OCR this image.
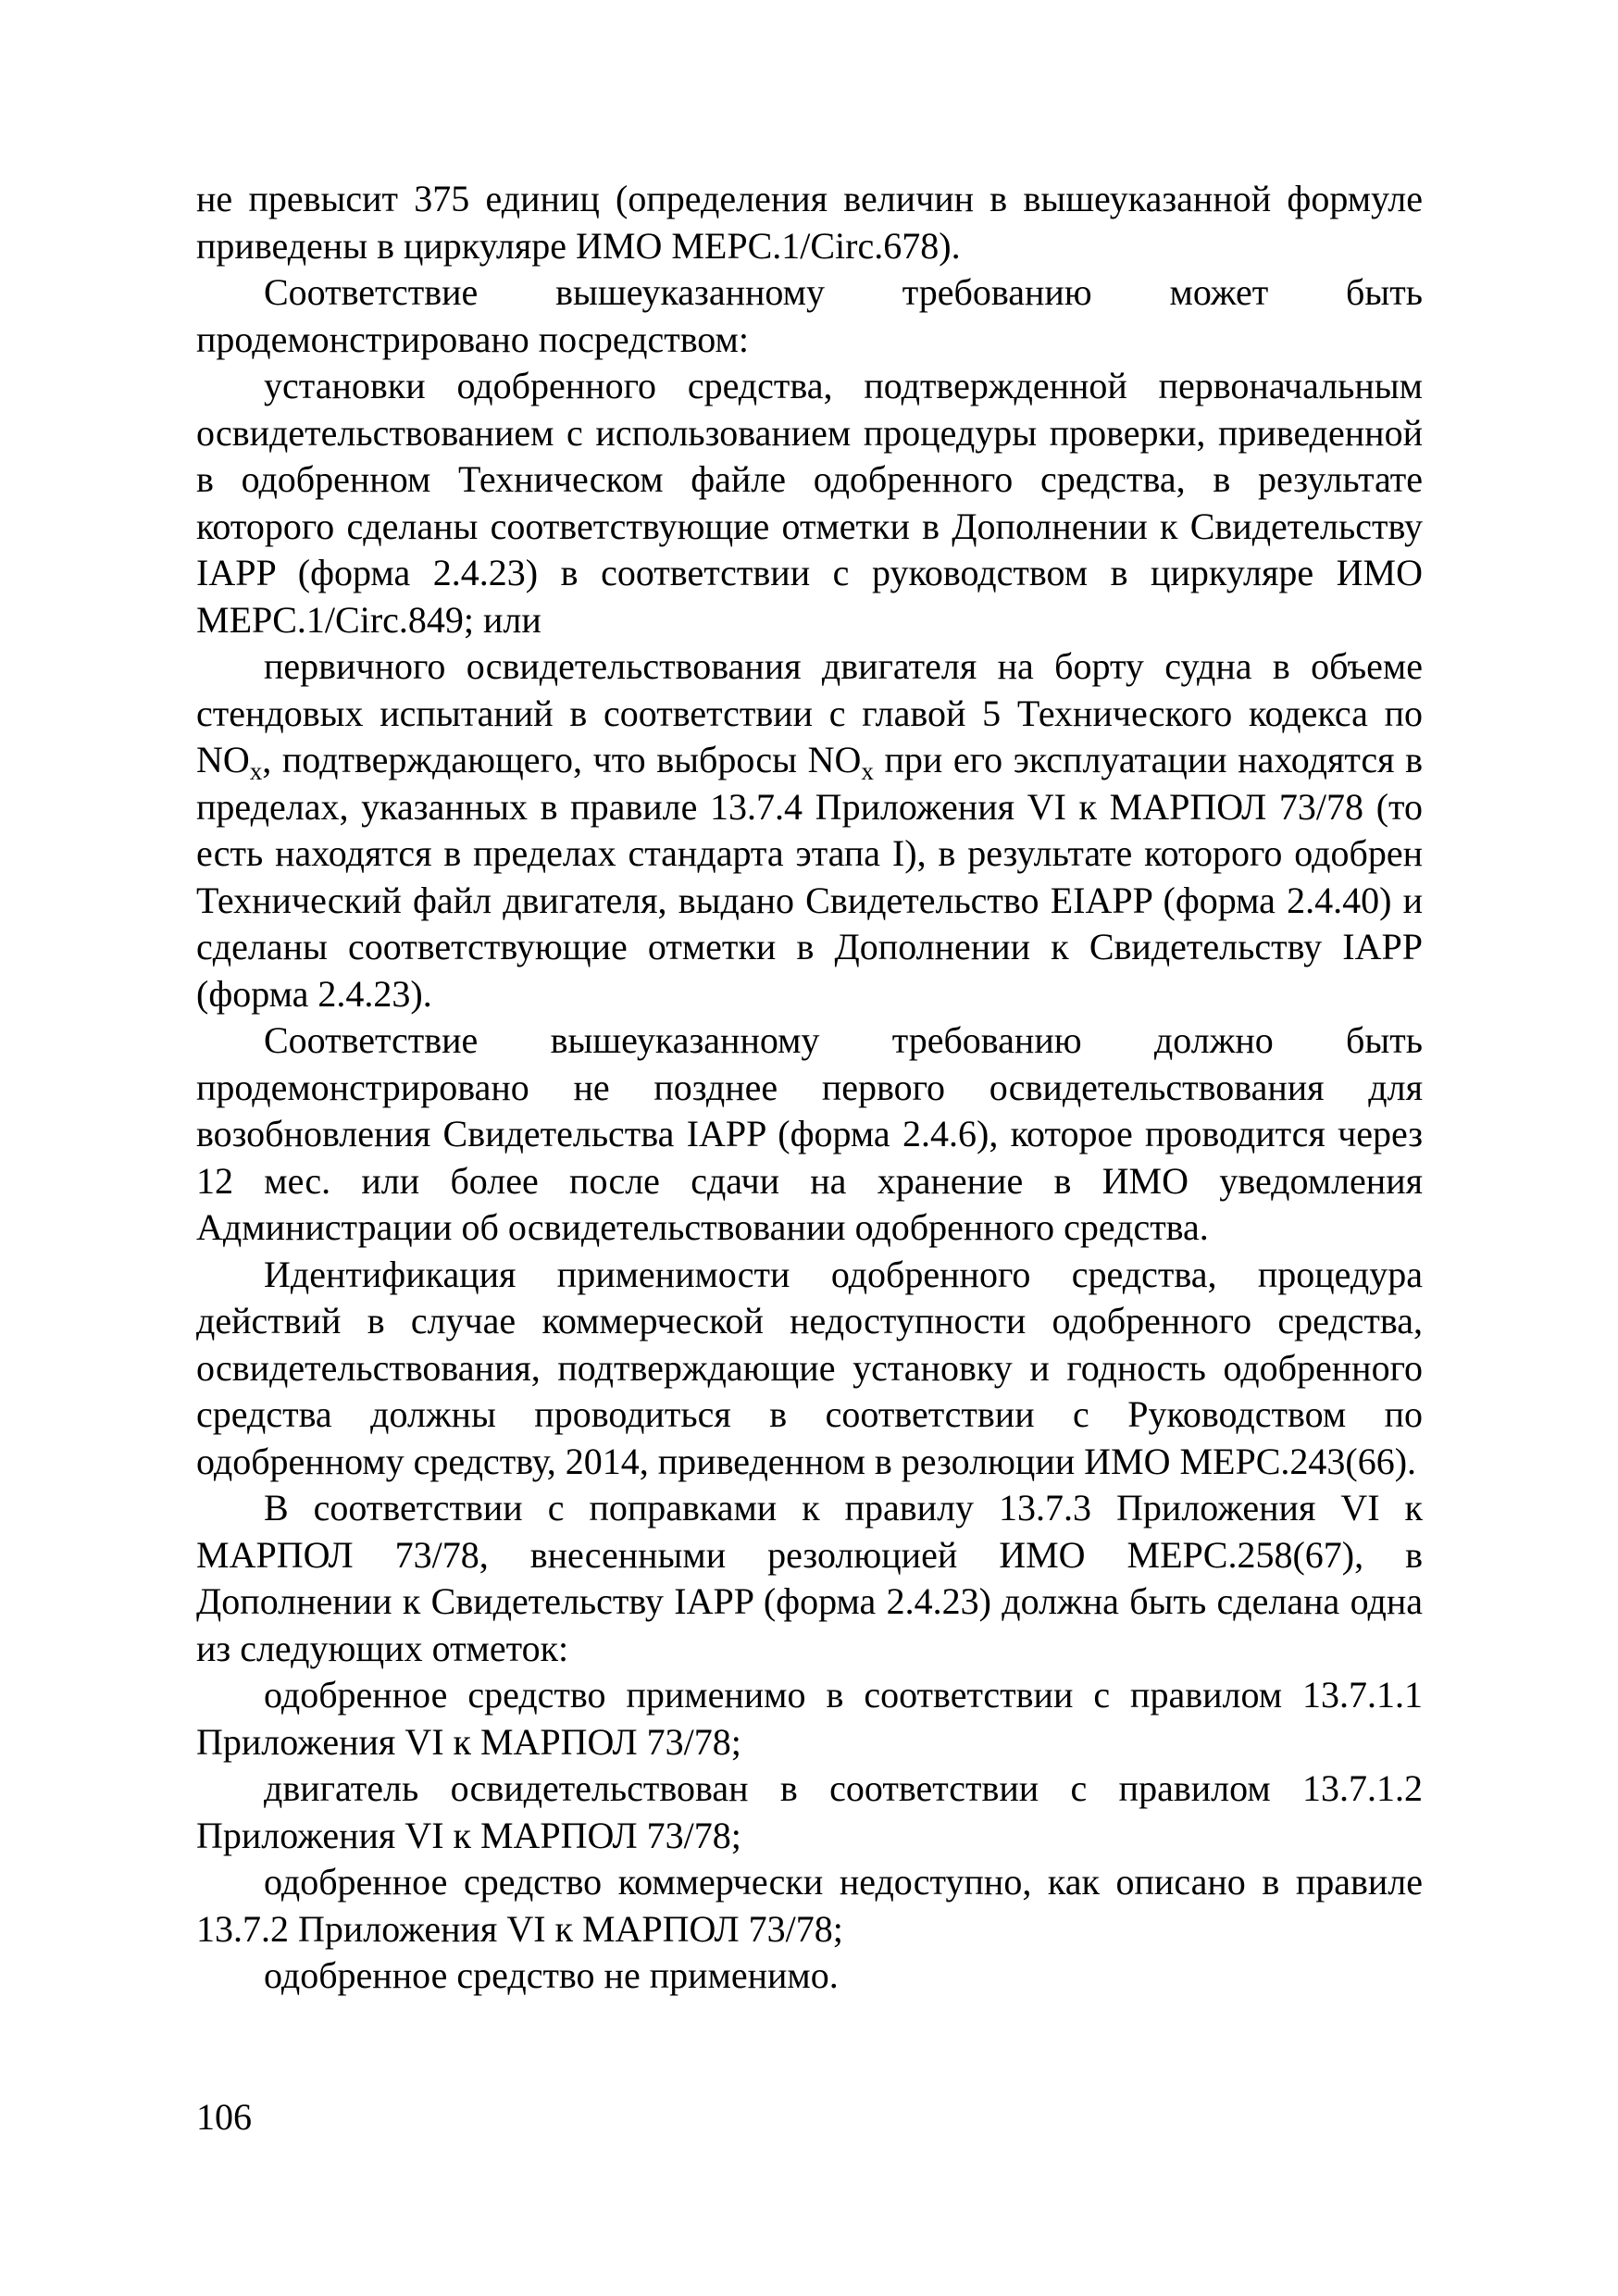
не превысит 375 единиц (определения величин в вышеуказанной формуле приведены в циркуляре ИМО MEPC.1/Circ.678).

Соответствие вышеуказанному требованию может быть продемонстрировано посредством:

установки одобренного средства, подтвержденной первоначальным освидетельствованием с использованием процедуры проверки, приведенной в одобренном Техническом файле одобренного средства, в результате которого сделаны соответствующие отметки в Дополнении к Свидетельству IAPP (форма 2.4.23) в соответствии с руководством в циркуляре ИМО MEPC.1/Circ.849; или

первичного освидетельствования двигателя на борту судна в объеме стендовых испытаний в соответствии с главой 5 Технического кодекса по $NO_x$, подтверждающего, что выбросы $NO_x$ при его эксплуатации находятся в пределах, указанных в правиле 13.7.4 Приложения VI к МАРПОЛ 73/78 (то есть находятся в пределах стандарта этапа I), в результате которого одобрен Технический файл двигателя, выдано Свидетельство EIAPP (форма 2.4.40) и сделаны соответствующие отметки в Дополнении к Свидетельству IAPP (форма 2.4.23).

Соответствие вышеуказанному требованию должно быть продемонстрировано не позднее первого освидетельствования для возобновления Свидетельства IAPP (форма 2.4.6), которое проводится через 12 мес. или более после сдачи на хранение в ИМО уведомления Администрации об освидетельствовании одобренного средства.

Идентификация применимости одобренного средства, процедура действий в случае коммерческой недоступности одобренного средства, освидетельствования, подтверждающие установку и годность одобренного средства должны проводиться в соответствии с Руководством по одобренному средству, 2014, приведенном в резолюции ИМО MEPC.243(66).

В соответствии с поправками к правилу 13.7.3 Приложения VI к МАРПОЛ 73/78, внесенными резолюцией ИМО MEPC.258(67), в Дополнении к Свидетельству IAPP (форма 2.4.23) должна быть сделана одна из следующих отметок:

одобренное средство применимо в соответствии с правилом 13.7.1.1 Приложения VI к МАРПОЛ 73/78;

двигатель освидетельствован в соответствии с правилом 13.7.1.2 Приложения VI к МАРПОЛ 73/78;

одобренное средство коммерчески недоступно, как описано в правиле 13.7.2 Приложения VI к МАРПОЛ 73/78;

одобренное средство не применимо.

106
